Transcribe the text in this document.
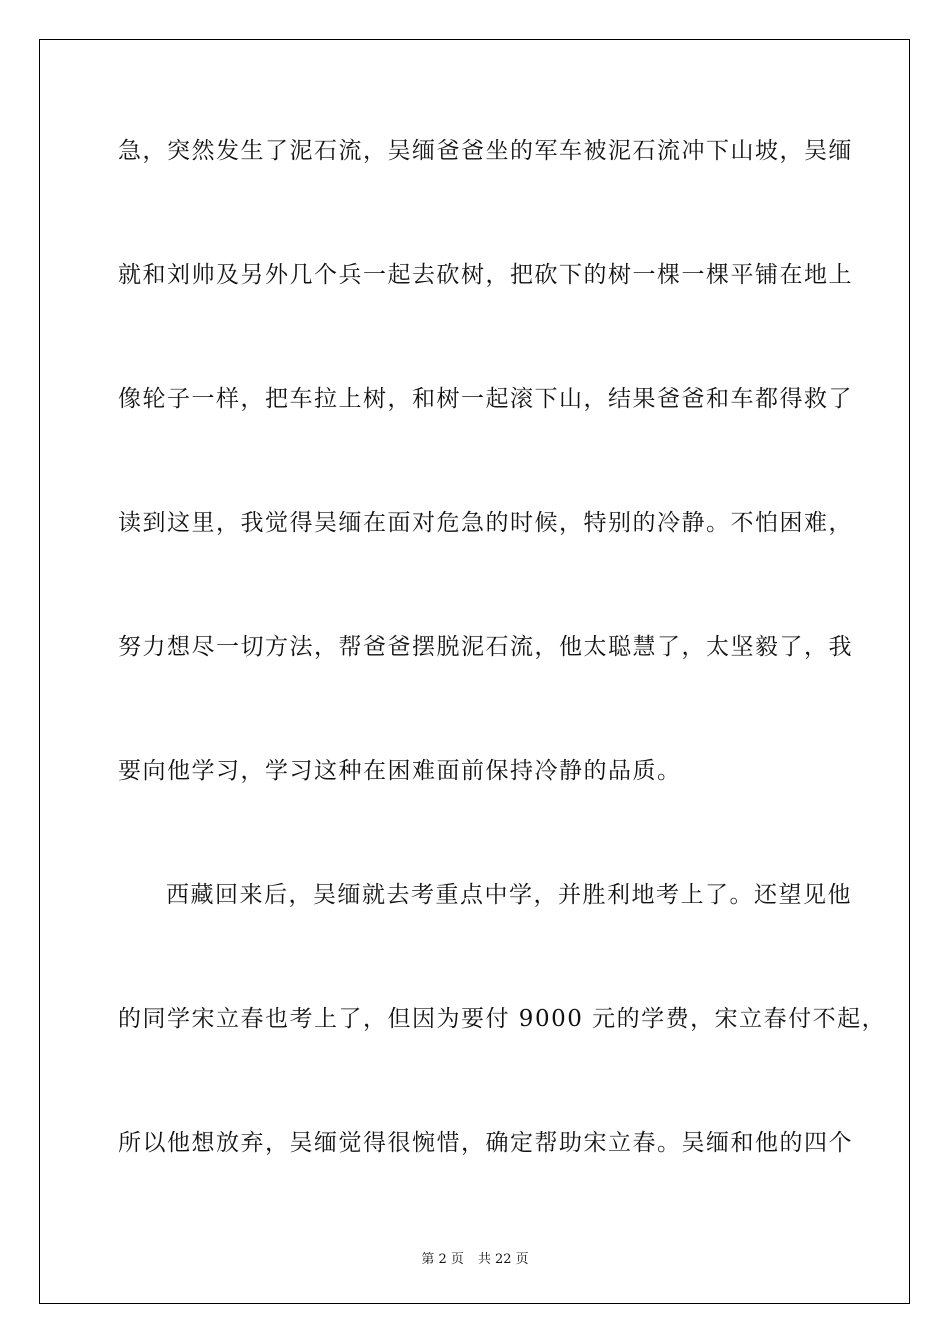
急，突然发生了泥石流，吴缅爸爸坐的军车被泥石流冲下山坡，吴缅
就和刘帅及另外几个兵一起去砍树，把砍下的树一棵一棵平铺在地上
像轮子一样，把车拉上树，和树一起滚下山，结果爸爸和车都得救了
读到这里，我觉得吴缅在面对危急的时候，特别的冷静。不怕困难，
努力想尽一切方法，帮爸爸摆脱泥石流，他太聪慧了，太坚毅了，我
要向他学习，学习这种在困难面前保持冷静的品质。
西藏回来后，吴缅就去考重点中学，并胜利地考上了。还望见他
的同学宋立春也考上了，但因为要付 9000 元的学费，宋立春付不起，
所以他想放弃，吴缅觉得很惋惜，确定帮助宋立春。吴缅和他的四个
第 2 页 共 22 页
